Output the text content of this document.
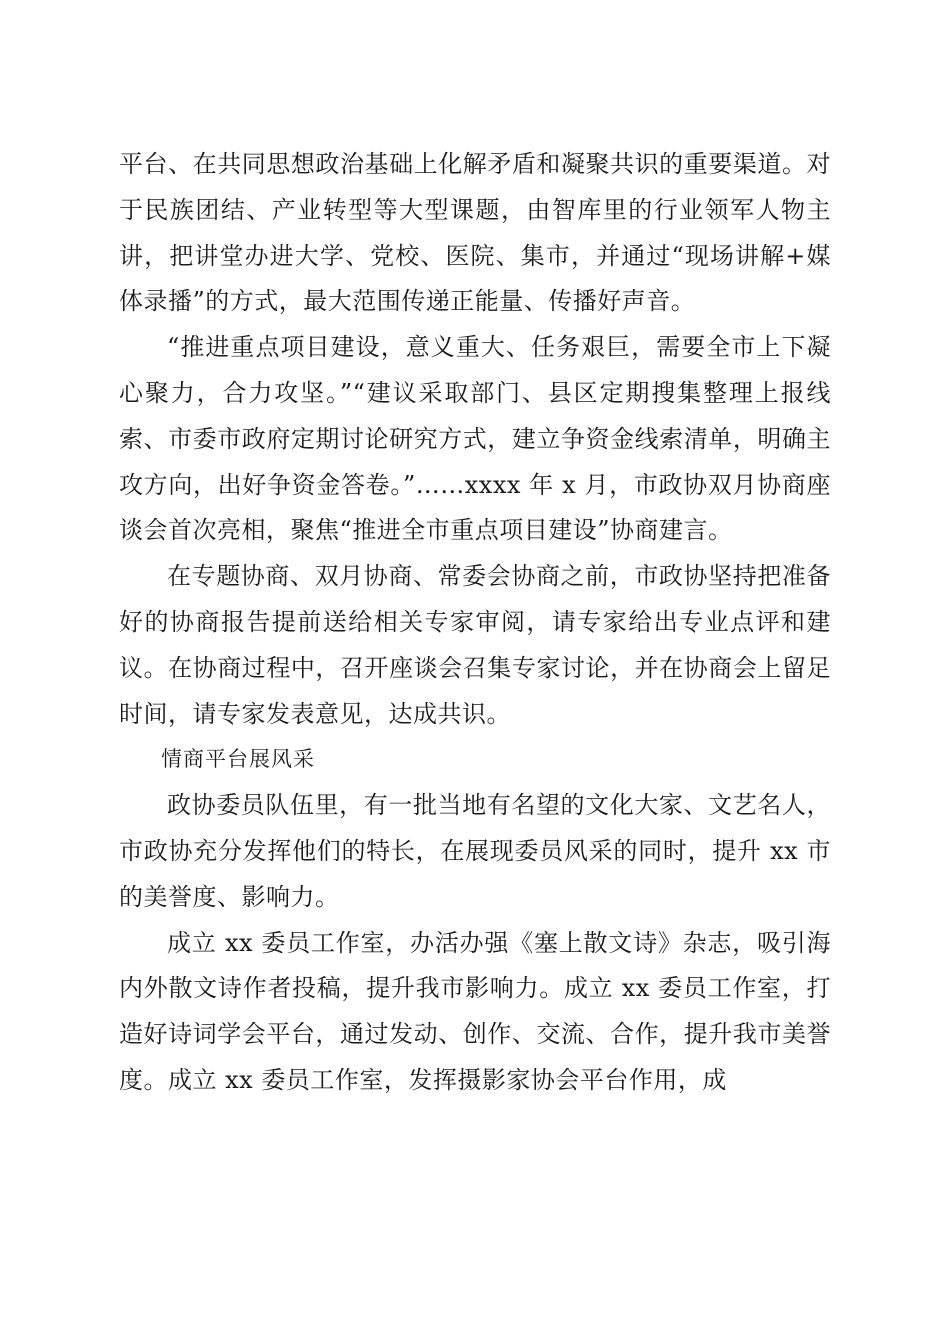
平台、在共同思想政治基础上化解矛盾和凝聚共识的重要渠道。对于民族团结、产业转型等大型课题，由智库里的行业领军人物主讲，把讲堂办进大学、党校、医院、集市，并通过“现场讲解+媒体录播”的方式，最大范围传递正能量、传播好声音。

“推进重点项目建设，意义重大、任务艰巨，需要全市上下凝心聚力，合力攻坚。”“建议采取部门、县区定期搜集整理上报线索、市委市政府定期讨论研究方式，建立争资金线索清单，明确主攻方向，出好争资金答卷。”……xxxx 年 x 月，市政协双月协商座谈会首次亮相，聚焦“推进全市重点项目建设”协商建言。

在专题协商、双月协商、常委会协商之前，市政协坚持把准备好的协商报告提前送给相关专家审阅，请专家给出专业点评和建议。在协商过程中，召开座谈会召集专家讨论，并在协商会上留足时间，请专家发表意见，达成共识。

情商平台展风采

政协委员队伍里，有一批当地有名望的文化大家、文艺名人，市政协充分发挥他们的特长，在展现委员风采的同时，提升 xx 市的美誉度、影响力。

成立 xx 委员工作室，办活办强《塞上散文诗》杂志，吸引海内外散文诗作者投稿，提升我市影响力。成立 xx 委员工作室，打造好诗词学会平台，通过发动、创作、交流、合作，提升我市美誉度。成立 xx 委员工作室，发挥摄影家协会平台作用，成
